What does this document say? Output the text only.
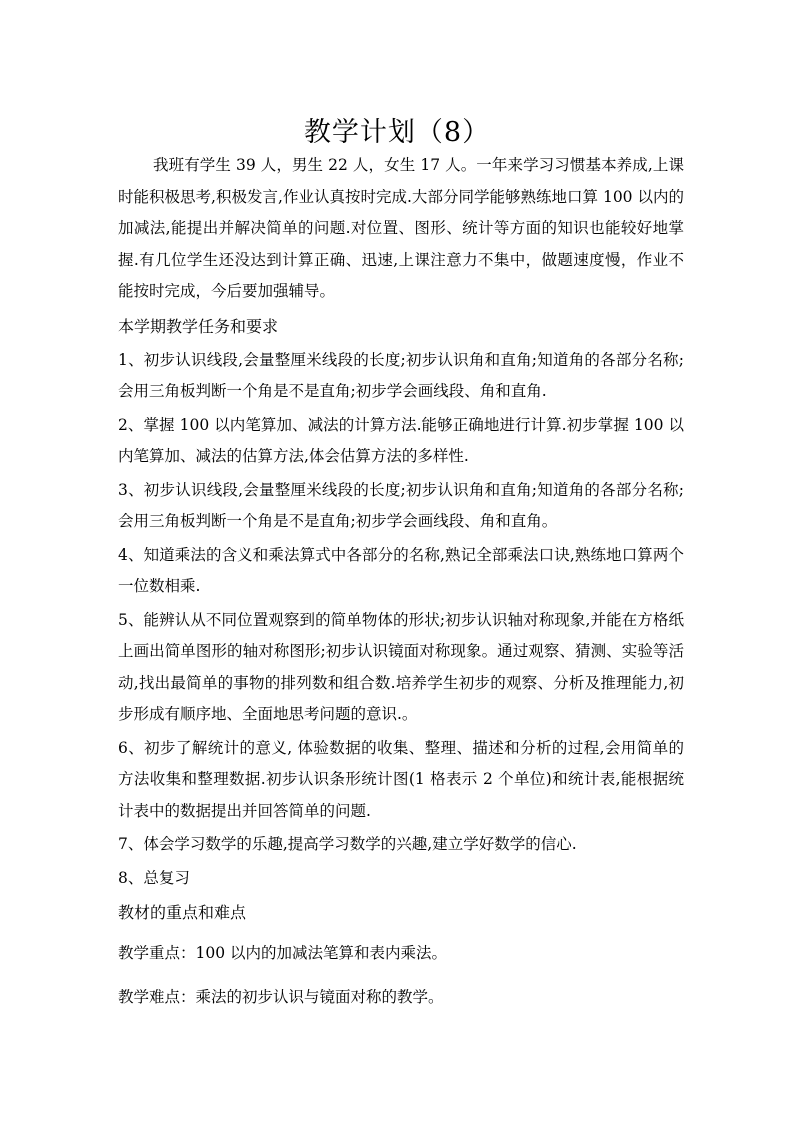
教学计划（8）

我班有学生 39 人，男生 22 人，女生 17 人。一年来学习习惯基本养成,上课时能积极思考,积极发言,作业认真按时完成.大部分同学能够熟练地口算 100 以内的加减法,能提出并解决简单的问题.对位置、图形、统计等方面的知识也能较好地掌握.有几位学生还没达到计算正确、迅速,上课注意力不集中，做题速度慢，作业不能按时完成，今后要加强辅导。

本学期教学任务和要求

1、初步认识线段,会量整厘米线段的长度;初步认识角和直角;知道角的各部分名称;会用三角板判断一个角是不是直角;初步学会画线段、角和直角.

2、掌握 100 以内笔算加、减法的计算方法.能够正确地进行计算.初步掌握 100 以内笔算加、减法的估算方法,体会估算方法的多样性.

3、初步认识线段,会量整厘米线段的长度;初步认识角和直角;知道角的各部分名称;会用三角板判断一个角是不是直角;初步学会画线段、角和直角。

4、知道乘法的含义和乘法算式中各部分的名称,熟记全部乘法口诀,熟练地口算两个一位数相乘.

5、能辨认从不同位置观察到的简单物体的形状;初步认识轴对称现象,并能在方格纸上画出简单图形的轴对称图形;初步认识镜面对称现象。通过观察、猜测、实验等活动,找出最简单的事物的排列数和组合数.培养学生初步的观察、分析及推理能力,初步形成有顺序地、全面地思考问题的意识.。

6、初步了解统计的意义, 体验数据的收集、整理、描述和分析的过程,会用简单的方法收集和整理数据.初步认识条形统计图(1 格表示 2 个单位)和统计表,能根据统计表中的数据提出并回答简单的问题.

7、体会学习数学的乐趣,提高学习数学的兴趣,建立学好数学的信心.

8、总复习

教材的重点和难点

教学重点：100 以内的加减法笔算和表内乘法。

教学难点：乘法的初步认识与镜面对称的教学。
